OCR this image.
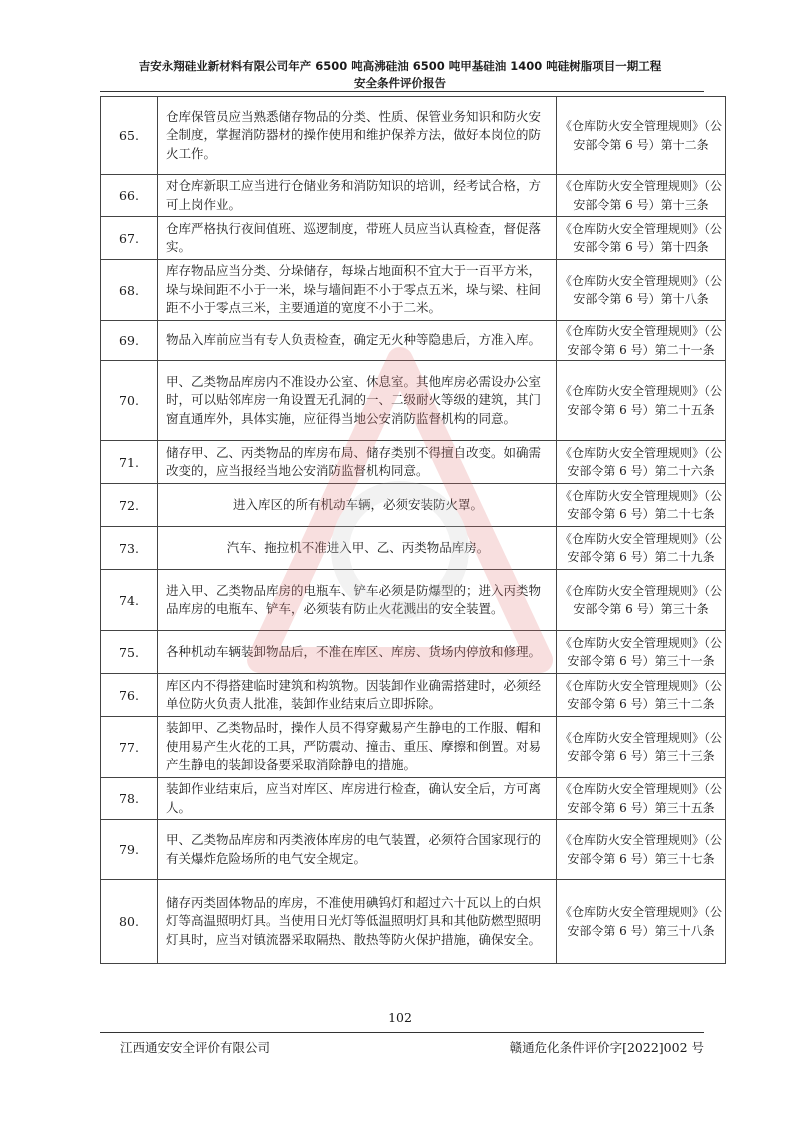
吉安永翔硅业新材料有限公司年产 6500 吨高沸硅油 6500 吨甲基硅油 1400 吨硅树脂项目一期工程
安全条件评价报告
65.	仓库保管员应当熟悉储存物品的分类、性质、保管业务知识和防火安全制度，掌握消防器材的操作使用和维护保养方法，做好本岗位的防火工作。	《仓库防火安全管理规则》（公安部令第 6 号）第十二条
66.	对仓库新职工应当进行仓储业务和消防知识的培训，经考试合格，方可上岗作业。	《仓库防火安全管理规则》（公安部令第 6 号）第十三条
67.	仓库严格执行夜间值班、巡逻制度，带班人员应当认真检查，督促落实。	《仓库防火安全管理规则》（公安部令第 6 号）第十四条
68.	库存物品应当分类、分垛储存，每垛占地面积不宜大于一百平方米，垛与垛间距不小于一米，垛与墙间距不小于零点五米，垛与梁、柱间距不小于零点三米，主要通道的宽度不小于二米。	《仓库防火安全管理规则》（公安部令第 6 号）第十八条
69.	物品入库前应当有专人负责检查，确定无火种等隐患后，方准入库。	《仓库防火安全管理规则》（公安部令第 6 号）第二十一条
70.	甲、乙类物品库房内不准设办公室、休息室。其他库房必需设办公室时，可以贴邻库房一角设置无孔洞的一、二级耐火等级的建筑，其门窗直通库外，具体实施，应征得当地公安消防监督机构的同意。	《仓库防火安全管理规则》（公安部令第 6 号）第二十五条
71.	储存甲、乙、丙类物品的库房布局、储存类别不得擅自改变。如确需改变的，应当报经当地公安消防监督机构同意。	《仓库防火安全管理规则》（公安部令第 6 号）第二十六条
72.	进入库区的所有机动车辆，必须安装防火罩。	《仓库防火安全管理规则》（公安部令第 6 号）第二十七条
73.	汽车、拖拉机不准进入甲、乙、丙类物品库房。	《仓库防火安全管理规则》（公安部令第 6 号）第二十九条
74.	进入甲、乙类物品库房的电瓶车、铲车必须是防爆型的；进入丙类物品库房的电瓶车、铲车，必须装有防止火花溅出的安全装置。	《仓库防火安全管理规则》（公安部令第 6 号）第三十条
75.	各种机动车辆装卸物品后，不准在库区、库房、货场内停放和修理。	《仓库防火安全管理规则》（公安部令第 6 号）第三十一条
76.	库区内不得搭建临时建筑和构筑物。因装卸作业确需搭建时，必须经单位防火负责人批准，装卸作业结束后立即拆除。	《仓库防火安全管理规则》（公安部令第 6 号）第三十二条
77.	装卸甲、乙类物品时，操作人员不得穿戴易产生静电的工作服、帽和使用易产生火花的工具，严防震动、撞击、重压、摩擦和倒置。对易产生静电的装卸设备要采取消除静电的措施。	《仓库防火安全管理规则》（公安部令第 6 号）第三十三条
78.	装卸作业结束后，应当对库区、库房进行检查，确认安全后，方可离人。	《仓库防火安全管理规则》（公安部令第 6 号）第三十五条
79.	甲、乙类物品库房和丙类液体库房的电气装置，必须符合国家现行的有关爆炸危险场所的电气安全规定。	《仓库防火安全管理规则》（公安部令第 6 号）第三十七条
80.	储存丙类固体物品的库房，不准使用碘钨灯和超过六十瓦以上的白炽灯等高温照明灯具。当使用日光灯等低温照明灯具和其他防燃型照明灯具时，应当对镇流器采取隔热、散热等防火保护措施，确保安全。	《仓库防火安全管理规则》（公安部令第 6 号）第三十八条
102
江西通安安全评价有限公司	赣通危化条件评价字[2022]002 号
